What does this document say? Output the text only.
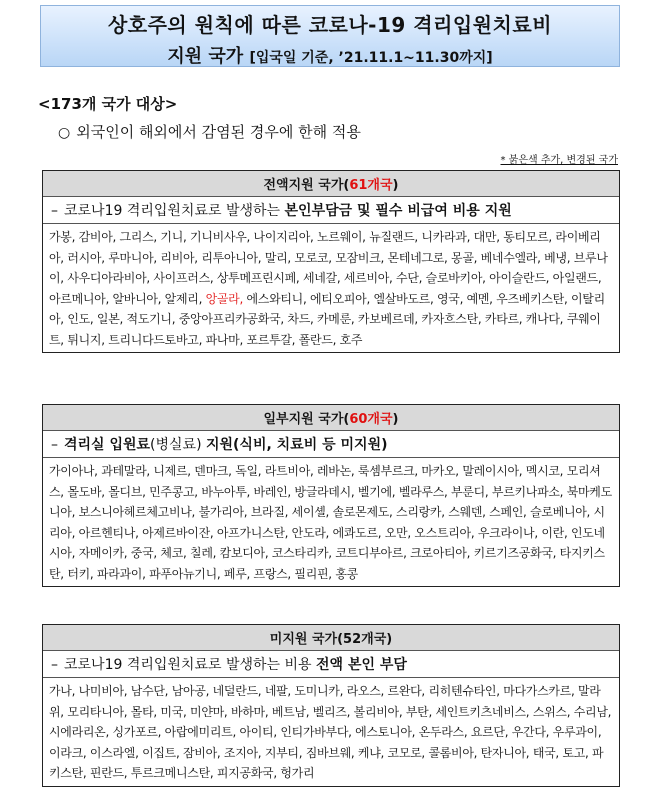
상호주의 원칙에 따른 코로나-19 격리입원치료비
지원 국가 [입국일 기준, ’21.11.1~11.30까지]
<173개 국가 대상>
○ 외국인이 해외에서 감염된 경우에 한해 적용
* 붉은색 추가, 변경된 국가
전액지원 국가(61개국)
– 코로나19 격리입원치료로 발생하는 본인부담금 및 필수 비급여 비용 지원
가봉, 감비아, 그리스, 기니, 기니비사우, 나이지리아, 노르웨이, 뉴질랜드, 니카라과, 대만, 동티모르, 라이베리아, 러시아, 루마니아, 리비아, 리투아니아, 말리, 모로코, 모잠비크, 몬테네그로, 몽골, 베네수엘라, 베냉, 브루나이, 사우디아라비아, 사이프러스, 상투메프린시페, 세네갈, 세르비아, 수단, 슬로바키아, 아이슬란드, 아일랜드, 아르메니아, 알바니아, 알제리, 앙골라, 에스와티니, 에티오피아, 엘살바도르, 영국, 예멘, 우즈베키스탄, 이탈리아, 인도, 일본, 적도기니, 중앙아프리카공화국, 차드, 카메룬, 카보베르데, 카자흐스탄, 카타르, 캐나다, 쿠웨이트, 튀니지, 트리니다드토바고, 파나마, 포르투갈, 폴란드, 호주
일부지원 국가(60개국)
– 격리실 입원료(병실료) 지원(식비, 치료비 등 미지원)
가이아나, 과테말라, 니제르, 덴마크, 독일, 라트비아, 레바논, 룩셈부르크, 마카오, 말레이시아, 멕시코, 모리셔스, 몰도바, 몰디브, 민주콩고, 바누아투, 바레인, 방글라데시, 벨기에, 벨라루스, 부룬디, 부르키나파소, 북마케도니아, 보스니아헤르체고비나, 불가리아, 브라질, 세이셸, 솔로몬제도, 스리랑카, 스웨덴, 스페인, 슬로베니아, 시리아, 아르헨티나, 아제르바이잔, 아프가니스탄, 안도라, 에콰도르, 오만, 오스트리아, 우크라이나, 이란, 인도네시아, 자메이카, 중국, 체코, 칠레, 캄보디아, 코스타리카, 코트디부아르, 크로아티아, 키르기즈공화국, 타지키스탄, 터키, 파라과이, 파푸아뉴기니, 페루, 프랑스, 필리핀, 홍콩
미지원 국가(52개국)
– 코로나19 격리입원치료로 발생하는 비용 전액 본인 부담
가나, 나미비아, 남수단, 남아공, 네덜란드, 네팔, 도미니카, 라오스, 르완다, 리히텐슈타인, 마다가스카르, 말라위, 모리타니아, 몰타, 미국, 미얀마, 바하마, 베트남, 벨리즈, 볼리비아, 부탄, 세인트키츠네비스, 스위스, 수리남, 시에라리온, 싱가포르, 아랍에미리트, 아이티, 인티가바부다, 에스토니아, 온두라스, 요르단, 우간다, 우루과이, 이라크, 이스라엘, 이집트, 잠비아, 조지아, 지부티, 짐바브웨, 케냐, 코모로, 콜롬비아, 탄자니아, 태국, 토고, 파키스탄, 핀란드, 투르크메니스탄, 피지공화국, 헝가리
